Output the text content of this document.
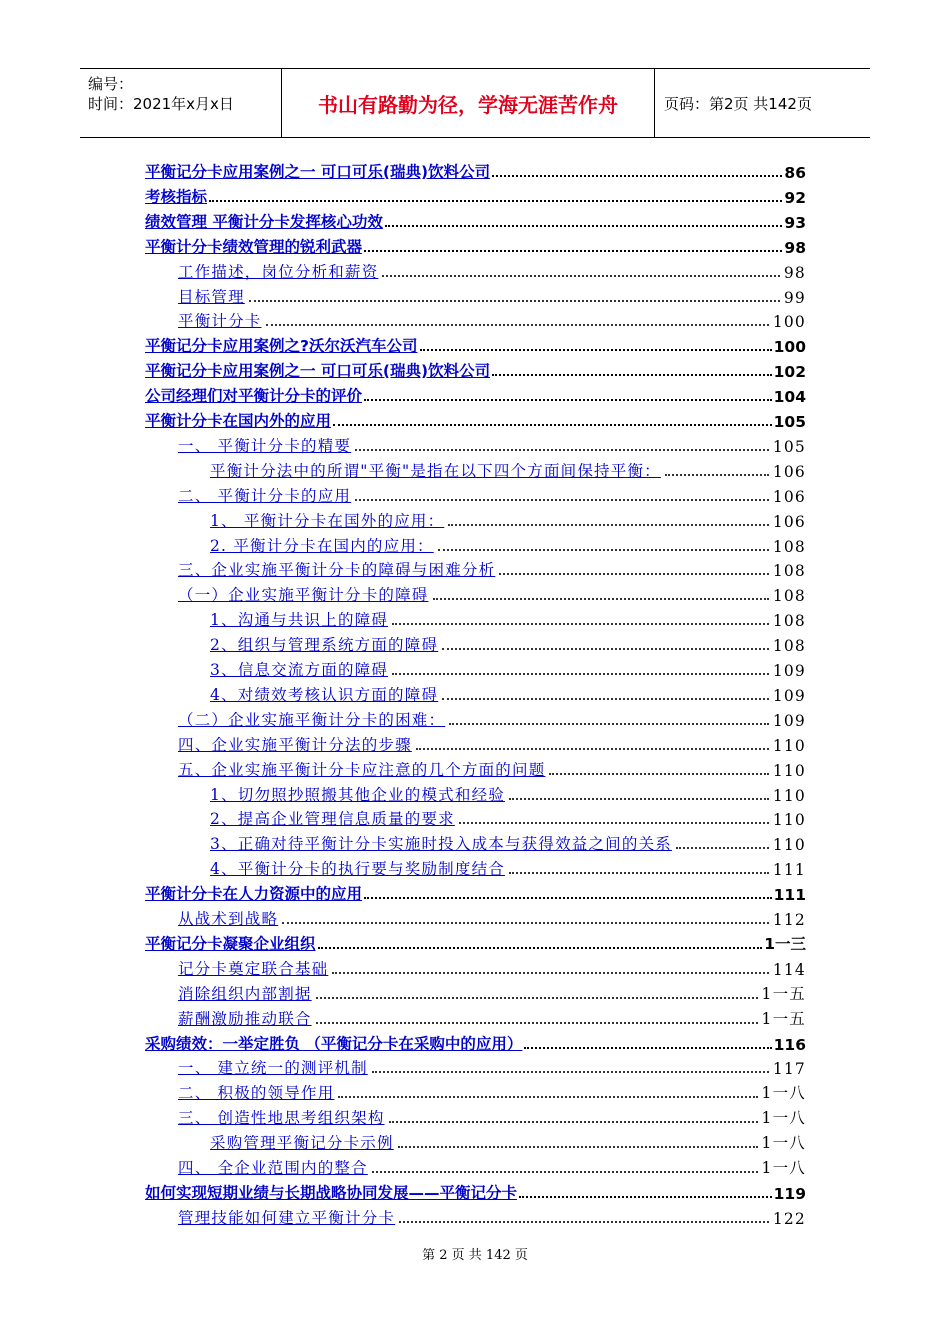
编号：
时间：2021年x月x日	书山有路勤为径，学海无涯苦作舟	页码：第2页 共142页
平衡记分卡应用案例之一 可口可乐(瑞典)饮料公司	86
考核指标	92
绩效管理 平衡计分卡发挥核心功效	93
平衡计分卡绩效管理的锐利武器	98
工作描述，岗位分析和薪资	98
目标管理	99
平衡计分卡	100
平衡记分卡应用案例之?沃尔沃汽车公司	100
平衡记分卡应用案例之一 可口可乐(瑞典)饮料公司	102
公司经理们对平衡计分卡的评价	104
平衡计分卡在国内外的应用	105
一、 平衡计分卡的精要	105
平衡计分法中的所谓"平衡"是指在以下四个方面间保持平衡：	106
二、 平衡计分卡的应用	106
1、 平衡计分卡在国外的应用：	106
2. 平衡计分卡在国内的应用：	108
三、企业实施平衡计分卡的障碍与困难分析	108
（一）企业实施平衡计分卡的障碍	108
1、沟通与共识上的障碍	108
2、组织与管理系统方面的障碍	108
3、信息交流方面的障碍	109
4、对绩效考核认识方面的障碍	109
（二）企业实施平衡计分卡的困难：	109
四、企业实施平衡计分法的步骤	110
五、企业实施平衡计分卡应注意的几个方面的问题	110
1、切勿照抄照搬其他企业的模式和经验	110
2、提高企业管理信息质量的要求	110
3、正确对待平衡计分卡实施时投入成本与获得效益之间的关系	110
4、平衡计分卡的执行要与奖励制度结合	111
平衡计分卡在人力资源中的应用	111
从战术到战略	112
平衡记分卡凝聚企业组织	1一三
记分卡奠定联合基础	114
消除组织内部割据	1一五
薪酬激励推动联合	1一五
采购绩效：一举定胜负 （平衡记分卡在采购中的应用）	116
一、 建立统一的测评机制	117
二、 积极的领导作用	1一八
三、 创造性地思考组织架构	1一八
采购管理平衡记分卡示例	1一八
四、 全企业范围内的整合	1一八
如何实现短期业绩与长期战略协同发展——平衡记分卡	119
管理技能如何建立平衡计分卡	122
第 2 页 共 142 页
